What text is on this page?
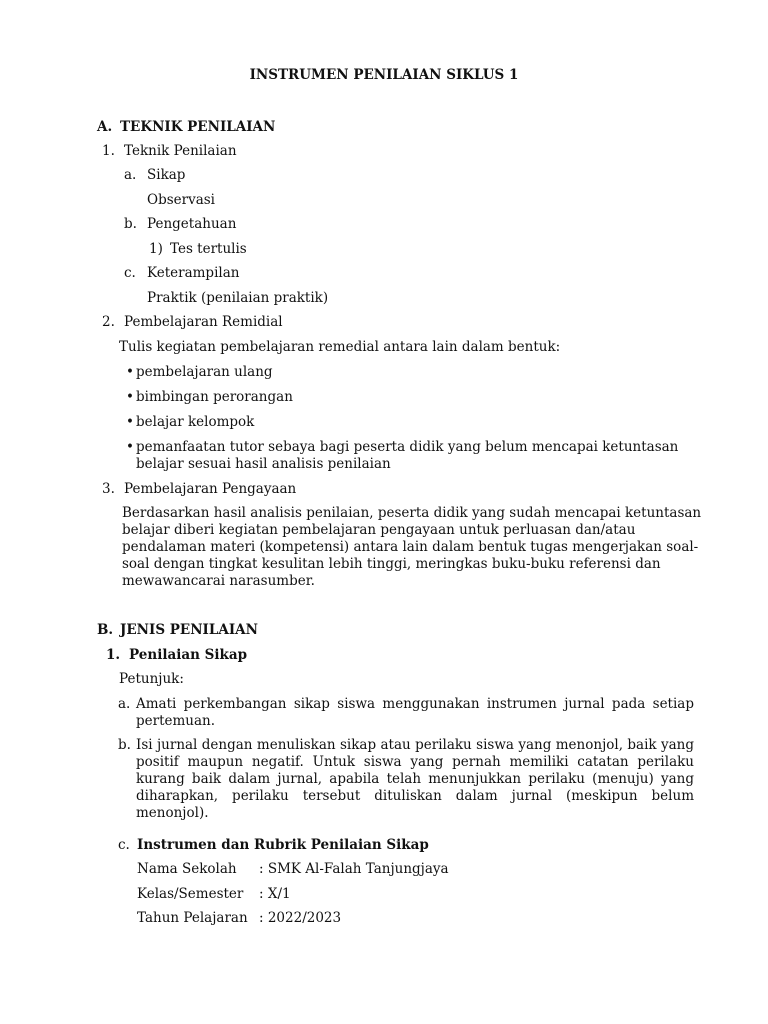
INSTRUMEN PENILAIAN SIKLUS 1
A. TEKNIK PENILAIAN
1. Teknik Penilaian
a. Sikap
Observasi
b. Pengetahuan
1) Tes tertulis
c. Keterampilan
Praktik (penilaian praktik)
2. Pembelajaran Remidial
Tulis kegiatan pembelajaran remedial antara lain dalam bentuk:
• pembelajaran ulang
• bimbingan perorangan
• belajar kelompok
• pemanfaatan tutor sebaya bagi peserta didik yang belum mencapai ketuntasan
belajar sesuai hasil analisis penilaian
3. Pembelajaran Pengayaan
Berdasarkan hasil analisis penilaian, peserta didik yang sudah mencapai ketuntasan
belajar diberi kegiatan pembelajaran pengayaan untuk perluasan dan/atau
pendalaman materi (kompetensi) antara lain dalam bentuk tugas mengerjakan soal-
soal dengan tingkat kesulitan lebih tinggi, meringkas buku-buku referensi dan
mewawancarai narasumber.
B. JENIS PENILAIAN
1. Penilaian Sikap
Petunjuk:
a. Amati perkembangan sikap siswa menggunakan instrumen jurnal pada setiap pertemuan.
b. Isi jurnal dengan menuliskan sikap atau perilaku siswa yang menonjol, baik yang positif maupun negatif. Untuk siswa yang pernah memiliki catatan perilaku kurang baik dalam jurnal, apabila telah menunjukkan perilaku (menuju) yang diharapkan, perilaku tersebut dituliskan dalam jurnal (meskipun belum menonjol).
c. Instrumen dan Rubrik Penilaian Sikap
Nama Sekolah : SMK Al-Falah Tanjungjaya
Kelas/Semester : X/1
Tahun Pelajaran : 2022/2023
